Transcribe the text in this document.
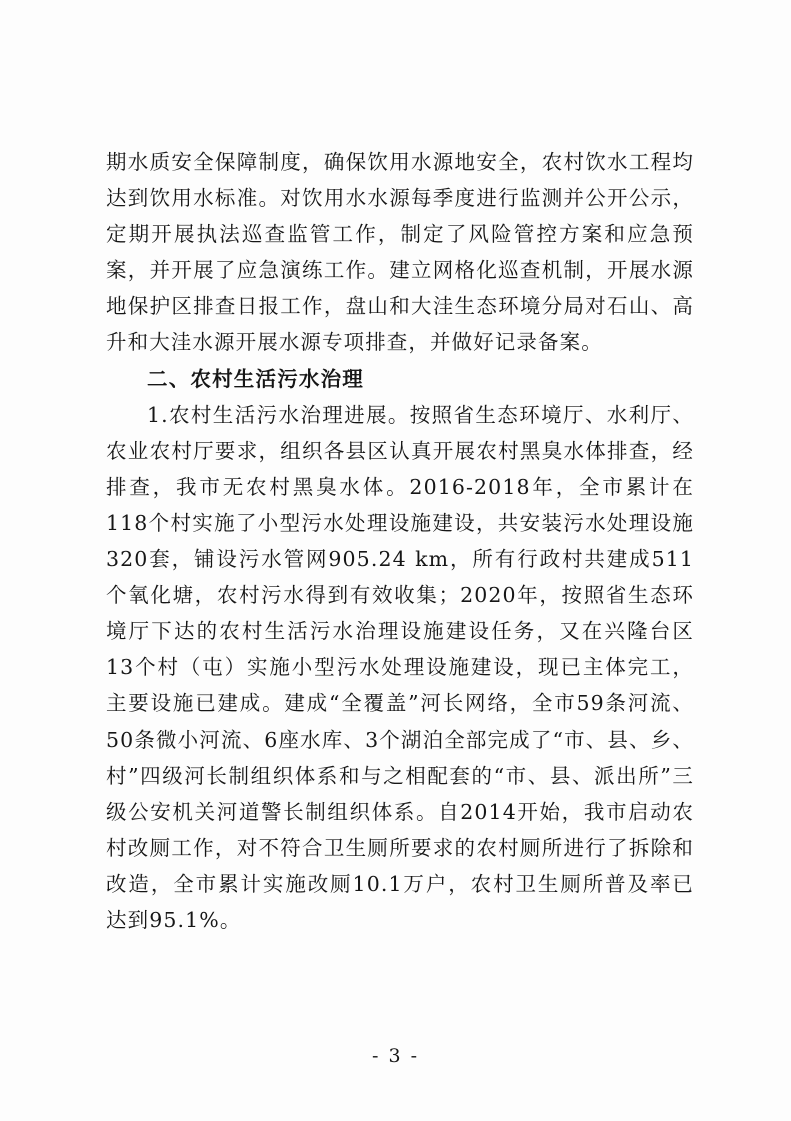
期水质安全保障制度，确保饮用水源地安全，农村饮水工程均达到饮用水标准。对饮用水水源每季度进行监测并公开公示，定期开展执法巡查监管工作，制定了风险管控方案和应急预案，并开展了应急演练工作。建立网格化巡查机制，开展水源地保护区排查日报工作，盘山和大洼生态环境分局对石山、高升和大洼水源开展水源专项排查，并做好记录备案。

二、农村生活污水治理

1.农村生活污水治理进展。按照省生态环境厅、水利厅、农业农村厅要求，组织各县区认真开展农村黑臭水体排查，经排查，我市无农村黑臭水体。2016-2018年，全市累计在118个村实施了小型污水处理设施建设，共安装污水处理设施320套，铺设污水管网905.24 km，所有行政村共建成511个氧化塘，农村污水得到有效收集；2020年，按照省生态环境厅下达的农村生活污水治理设施建设任务，又在兴隆台区13个村（屯）实施小型污水处理设施建设，现已主体完工，主要设施已建成。建成“全覆盖”河长网络，全市59条河流、50条微小河流、6座水库、3个湖泊全部完成了“市、县、乡、村”四级河长制组织体系和与之相配套的“市、县、派出所”三级公安机关河道警长制组织体系。自2014开始，我市启动农村改厕工作，对不符合卫生厕所要求的农村厕所进行了拆除和改造，全市累计实施改厕10.1万户，农村卫生厕所普及率已达到95.1%。

- 3 -
